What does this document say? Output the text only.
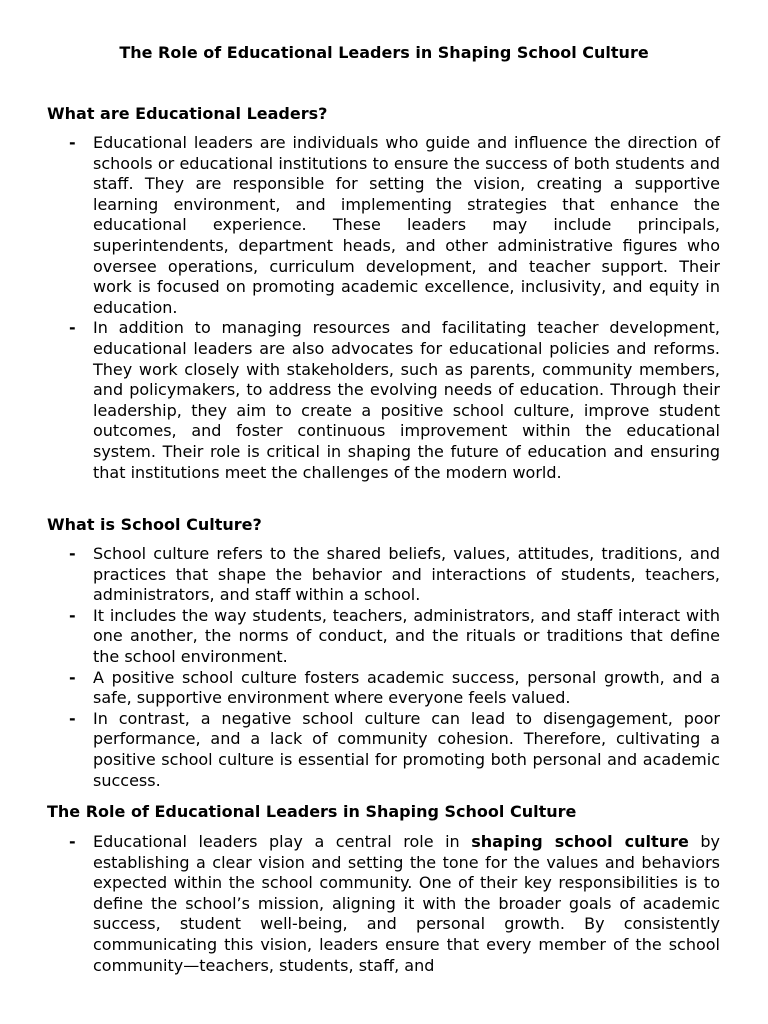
The Role of Educational Leaders in Shaping School Culture
What are Educational Leaders?
- Educational leaders are individuals who guide and influence the direction of schools or educational institutions to ensure the success of both students and staff. They are responsible for setting the vision, creating a supportive learning environment, and implementing strategies that enhance the educational experience. These leaders may include principals, superintendents, department heads, and other administrative figures who oversee operations, curriculum development, and teacher support. Their work is focused on promoting academic excellence, inclusivity, and equity in education.
- In addition to managing resources and facilitating teacher development, educational leaders are also advocates for educational policies and reforms. They work closely with stakeholders, such as parents, community members, and policymakers, to address the evolving needs of education. Through their leadership, they aim to create a positive school culture, improve student outcomes, and foster continuous improvement within the educational system. Their role is critical in shaping the future of education and ensuring that institutions meet the challenges of the modern world.
What is School Culture?
- School culture refers to the shared beliefs, values, attitudes, traditions, and practices that shape the behavior and interactions of students, teachers, administrators, and staff within a school.
- It includes the way students, teachers, administrators, and staff interact with one another, the norms of conduct, and the rituals or traditions that define the school environment.
- A positive school culture fosters academic success, personal growth, and a safe, supportive environment where everyone feels valued.
- In contrast, a negative school culture can lead to disengagement, poor performance, and a lack of community cohesion. Therefore, cultivating a positive school culture is essential for promoting both personal and academic success.
The Role of Educational Leaders in Shaping School Culture
- Educational leaders play a central role in shaping school culture by establishing a clear vision and setting the tone for the values and behaviors expected within the school community. One of their key responsibilities is to define the school’s mission, aligning it with the broader goals of academic success, student well-being, and personal growth. By consistently communicating this vision, leaders ensure that every member of the school community—teachers, students, staff, and
